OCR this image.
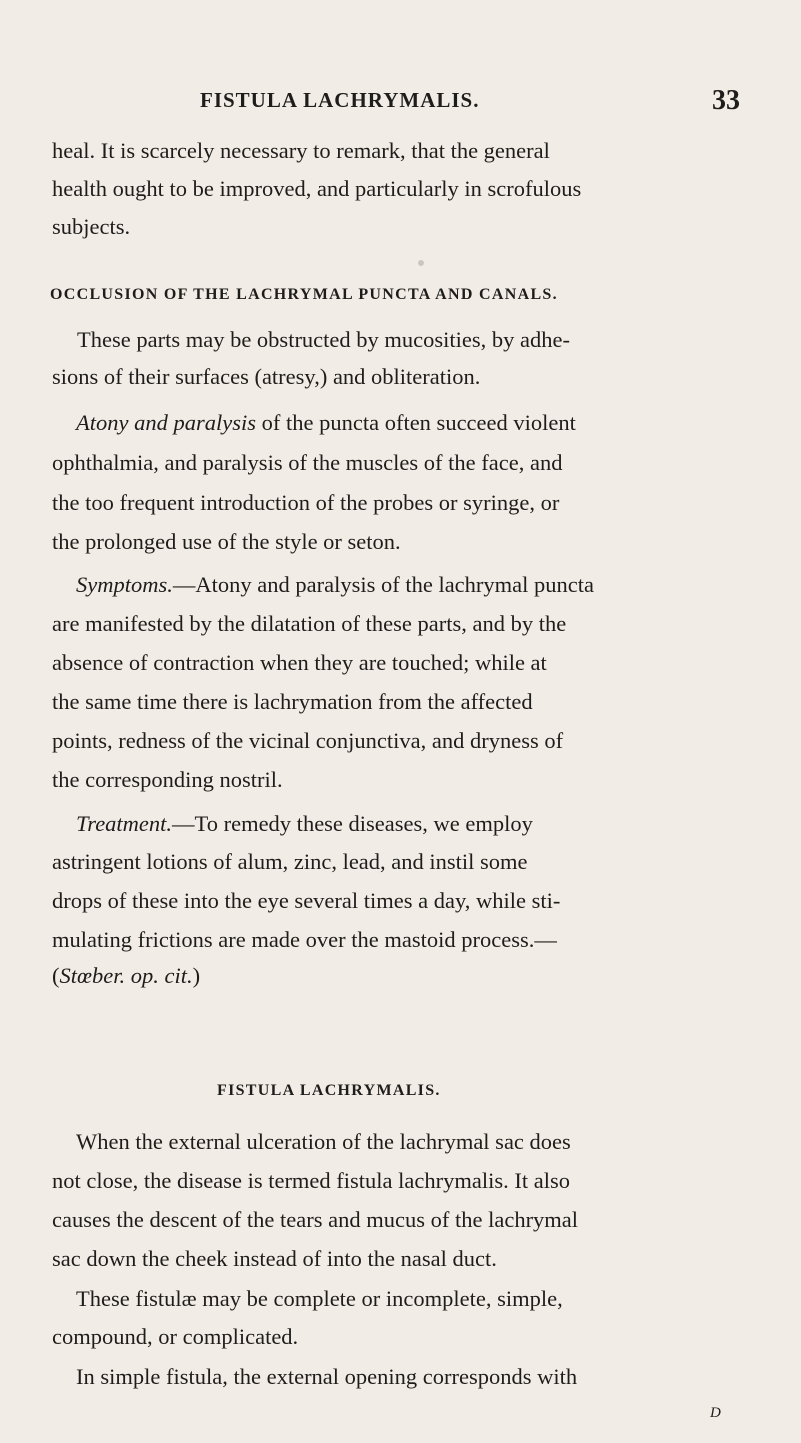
FISTULA LACHRYMALIS.	33
heal. It is scarcely necessary to remark, that the general
health ought to be improved, and particularly in scrofulous
subjects.
OCCLUSION OF THE LACHRYMAL PUNCTA AND CANALS.
These parts may be obstructed by mucosities, by adhe-
sions of their surfaces (atresy,) and obliteration.
Atony and paralysis of the puncta often succeed violent
ophthalmia, and paralysis of the muscles of the face, and
the too frequent introduction of the probes or syringe, or
the prolonged use of the style or seton.
Symptoms.—Atony and paralysis of the lachrymal puncta
are manifested by the dilatation of these parts, and by the
absence of contraction when they are touched; while at
the same time there is lachrymation from the affected
points, redness of the vicinal conjunctiva, and dryness of
the corresponding nostril.
Treatment.—To remedy these diseases, we employ
astringent lotions of alum, zinc, lead, and instil some
drops of these into the eye several times a day, while sti-
mulating frictions are made over the mastoid process.—
(Stœber. op. cit.)
FISTULA LACHRYMALIS.
When the external ulceration of the lachrymal sac does
not close, the disease is termed fistula lachrymalis. It also
causes the descent of the tears and mucus of the lachrymal
sac down the cheek instead of into the nasal duct.
These fistulæ may be complete or incomplete, simple,
compound, or complicated.
In simple fistula, the external opening corresponds with
D
